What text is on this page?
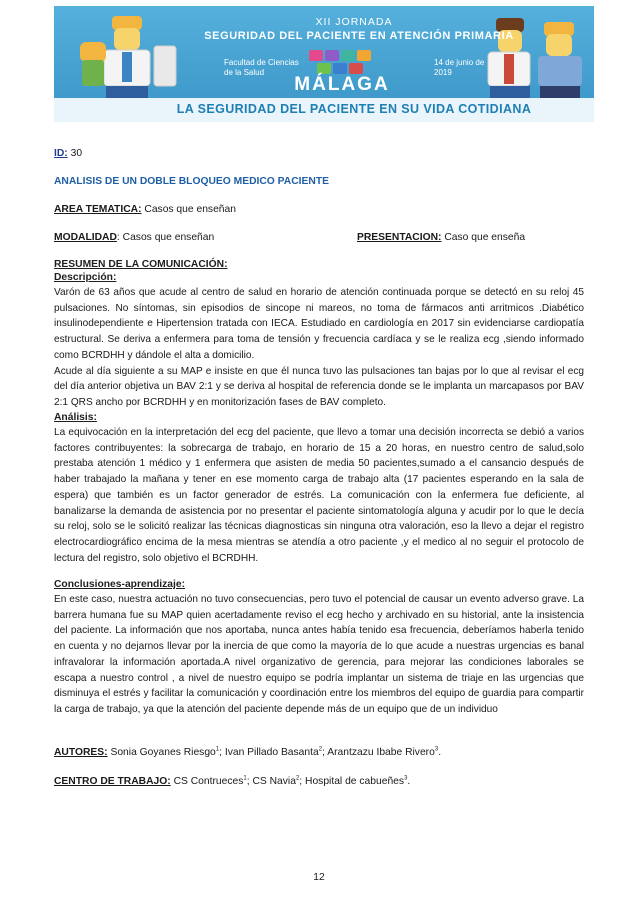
XII JORNADA
SEGURIDAD DEL PACIENTE EN ATENCIÓN PRIMARIA
Facultad de Ciencias de la Salud
14 de junio de 2019
MÁLAGA
LA SEGURIDAD DEL PACIENTE EN SU VIDA COTIDIANA
ID: 30
ANALISIS DE UN DOBLE BLOQUEO MEDICO PACIENTE
AREA TEMATICA: Casos que enseñan
MODALIDAD: Casos que enseñan	PRESENTACION: Caso que enseña
RESUMEN DE LA COMUNICACIÓN:
Descripción:

Varón de 63 años que acude al centro de salud en horario de atención continuada porque se detectó en su reloj 45 pulsaciones. No síntomas, sin episodios de sincope ni mareos, no toma de fármacos anti arritmicos .Diabético insulinodependiente e Hipertension tratada con IECA. Estudiado en cardiología en 2017 sin evidenciarse cardiopatía estructural. Se deriva a enfermera para toma de tensión y frecuencia cardíaca y se le realiza ecg ,siendo informado como BCRDHH y dándole el alta a domicilio.

Acude al día siguiente a su MAP e insiste en que él nunca tuvo las pulsaciones tan bajas por lo que al revisar el ecg del día anterior objetiva un BAV 2:1 y se deriva al hospital de referencia donde se le implanta un marcapasos por BAV 2:1 QRS ancho por BCRDHH y en monitorización fases de BAV completo.

Análisis:

La equivocación en la interpretación del ecg del paciente, que llevo a tomar una decisión incorrecta se debió a varios factores contribuyentes: la sobrecarga de trabajo, en horario de 15 a 20 horas, en nuestro centro de salud,solo prestaba atención 1 médico y 1 enfermera que asisten de media 50 pacientes,sumado a el cansancio después de haber trabajado la mañana y tener en ese momento carga de trabajo alta (17 pacientes esperando en la sala de espera) que también es un factor generador de estrés. La comunicación con la enfermera fue deficiente, al banalizarse la demanda de asistencia por no presentar el paciente sintomatología alguna y acudir por lo que le decía su reloj, solo se le solicitó realizar las técnicas diagnosticas sin ninguna otra valoración, eso la llevo a dejar el registro electrocardiográfico encima de la mesa mientras se atendía a otro paciente ,y el medico al no seguir el protocolo de lectura del registro, solo objetivo el BCRDHH.

Conclusiones-aprendizaje:

En este caso, nuestra actuación no tuvo consecuencias, pero tuvo el potencial de causar un evento adverso grave. La barrera humana fue su MAP quien acertadamente reviso el ecg hecho y archivado en su historial, ante la insistencia del paciente. La información que nos aportaba, nunca antes había tenido esa frecuencia, deberíamos haberla tenido en cuenta y no dejarnos llevar por la inercia de que como la mayoría de lo que acude a nuestras urgencias es banal infravalorar la información aportada.A nivel organizativo de gerencia, para mejorar las condiciones laborales se escapa a nuestro control , a nivel de nuestro equipo se podría implantar un sistema de triaje en las urgencias que disminuya el estrés y facilitar la comunicación y coordinación entre los miembros del equipo de guardia para compartir la carga de trabajo, ya que la atención del paciente depende más de un equipo que de un individuo

AUTORES: Sonia Goyanes Riesgo$^1$; Ivan Pillado Basanta$^2$; Arantzazu Ibabe Rivero$^3$.
CENTRO DE TRABAJO: CS Contrueces$^1$; CS Navia$^2$; Hospital de cabueñes$^3$.
12
